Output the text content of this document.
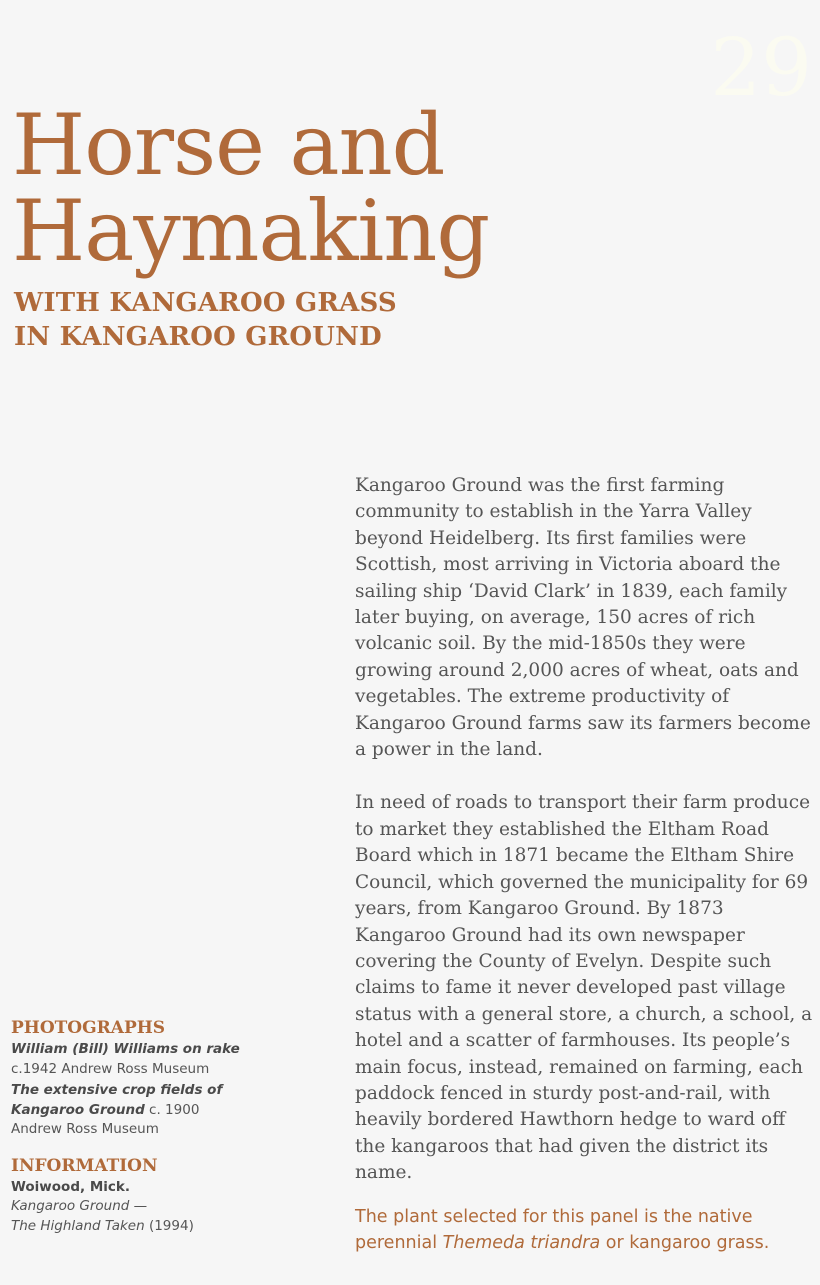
29
Horse and
Haymaking
WITH KANGAROO GRASS
IN KANGAROO GROUND

Kangaroo Ground was the first farming community to establish in the Yarra Valley beyond Heidelberg. Its first families were Scottish, most arriving in Victoria aboard the sailing ship ‘David Clark’ in 1839, each family later buying, on average, 150 acres of rich volcanic soil. By the mid-1850s they were growing around 2,000 acres of wheat, oats and vegetables. The extreme productivity of Kangaroo Ground farms saw its farmers become a power in the land.

In need of roads to transport their farm produce to market they established the Eltham Road Board which in 1871 became the Eltham Shire Council, which governed the municipality for 69 years, from Kangaroo Ground. By 1873 Kangaroo Ground had its own newspaper covering the County of Evelyn. Despite such claims to fame it never developed past village status with a general store, a church, a school, a hotel and a scatter of farmhouses. Its people’s main focus, instead, remained on farming, each paddock fenced in sturdy post-and-rail, with heavily bordered Hawthorn hedge to ward off the kangaroos that had given the district its name.

The plant selected for this panel is the native perennial Themeda triandra or kangaroo grass.

PHOTOGRAPHS

William (Bill) Williams on rake
c.1942 Andrew Ross Museum

The extensive crop fields of Kangaroo Ground c. 1900
Andrew Ross Museum

INFORMATION

Woiwood, Mick.
Kangaroo Ground —
The Highland Taken (1994)
